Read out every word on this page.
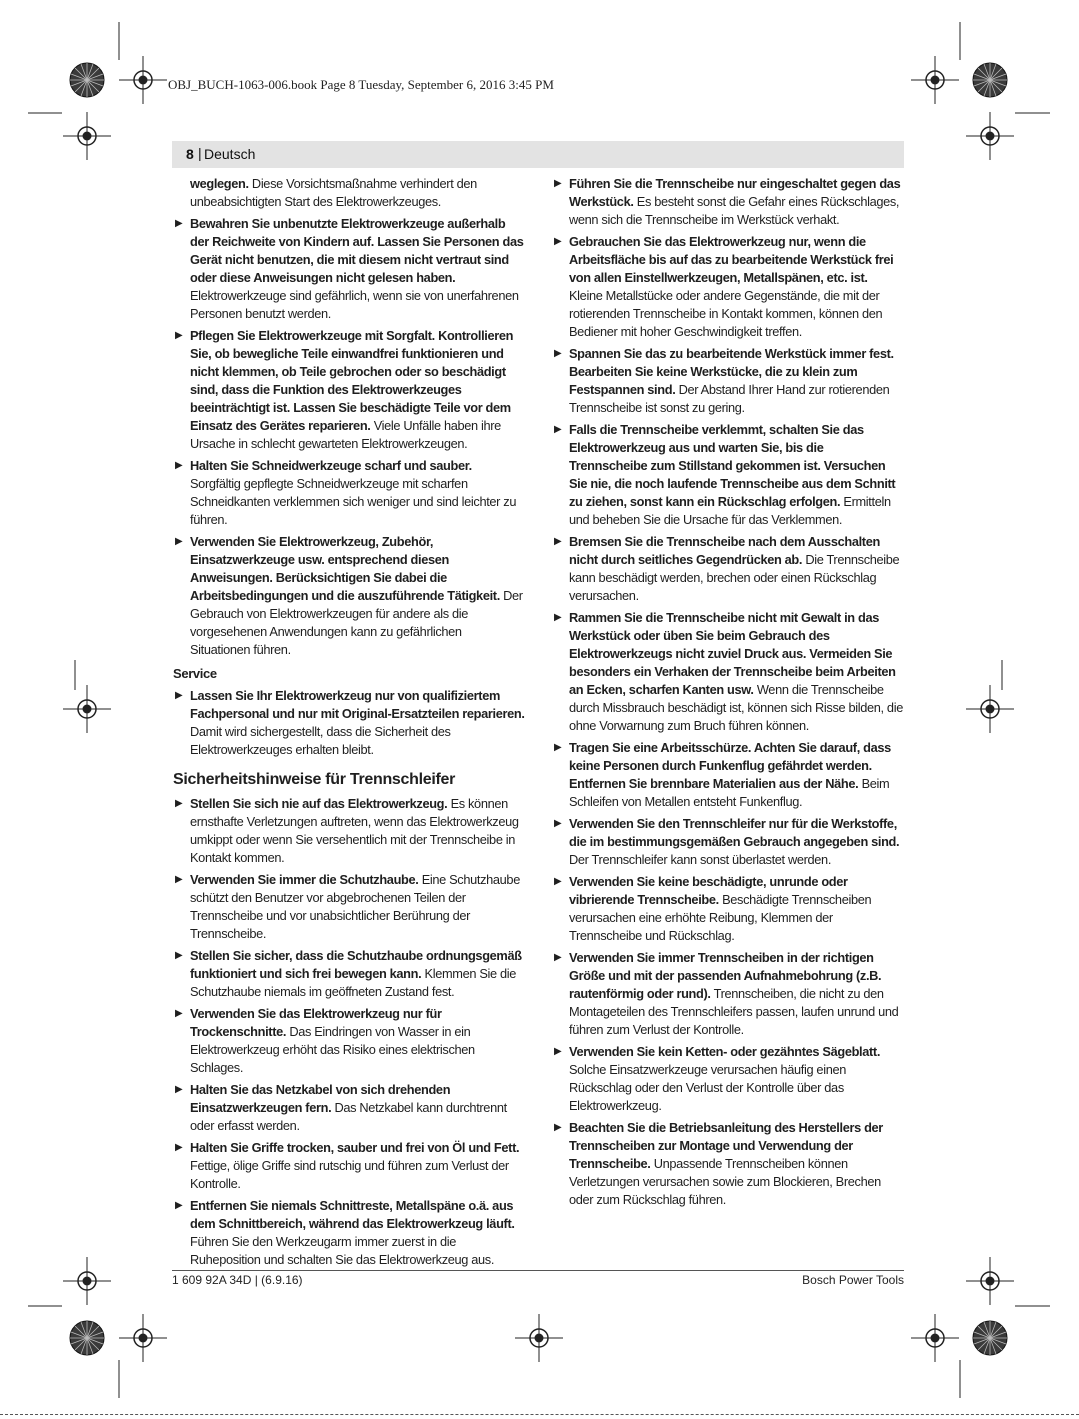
OBJ_BUCH-1063-006.book Page 8 Tuesday, September 6, 2016 3:45 PM
8 | Deutsch

weglegen. Diese Vorsichtsmaßnahme verhindert den unbeabsichtigten Start des Elektrowerkzeuges.

▶ Bewahren Sie unbenutzte Elektrowerkzeuge außerhalb der Reichweite von Kindern auf. Lassen Sie Personen das Gerät nicht benutzen, die mit diesem nicht vertraut sind oder diese Anweisungen nicht gelesen haben. Elektrowerkzeuge sind gefährlich, wenn sie von unerfahrenen Personen benutzt werden.

▶ Pflegen Sie Elektrowerkzeuge mit Sorgfalt. Kontrollieren Sie, ob bewegliche Teile einwandfrei funktionieren und nicht klemmen, ob Teile gebrochen oder so beschädigt sind, dass die Funktion des Elektrowerkzeuges beeinträchtigt ist. Lassen Sie beschädigte Teile vor dem Einsatz des Gerätes reparieren. Viele Unfälle haben ihre Ursache in schlecht gewarteten Elektrowerkzeugen.

▶ Halten Sie Schneidwerkzeuge scharf und sauber. Sorgfältig gepflegte Schneidwerkzeuge mit scharfen Schneidkanten verklemmen sich weniger und sind leichter zu führen.

▶ Verwenden Sie Elektrowerkzeug, Zubehör, Einsatzwerkzeuge usw. entsprechend diesen Anweisungen. Berücksichtigen Sie dabei die Arbeitsbedingungen und die auszuführende Tätigkeit. Der Gebrauch von Elektrowerkzeugen für andere als die vorgesehenen Anwendungen kann zu gefährlichen Situationen führen.

Service

▶ Lassen Sie Ihr Elektrowerkzeug nur von qualifiziertem Fachpersonal und nur mit Original-Ersatzteilen reparieren. Damit wird sichergestellt, dass die Sicherheit des Elektrowerkzeuges erhalten bleibt.

Sicherheitshinweise für Trennschleifer

▶ Stellen Sie sich nie auf das Elektrowerkzeug. Es können ernsthafte Verletzungen auftreten, wenn das Elektrowerkzeug umkippt oder wenn Sie versehentlich mit der Trennscheibe in Kontakt kommen.

▶ Verwenden Sie immer die Schutzhaube. Eine Schutzhaube schützt den Benutzer vor abgebrochenen Teilen der Trennscheibe und vor unabsichtlicher Berührung der Trennscheibe.

▶ Stellen Sie sicher, dass die Schutzhaube ordnungsgemäß funktioniert und sich frei bewegen kann. Klemmen Sie die Schutzhaube niemals im geöffneten Zustand fest.

▶ Verwenden Sie das Elektrowerkzeug nur für Trockenschnitte. Das Eindringen von Wasser in ein Elektrowerkzeug erhöht das Risiko eines elektrischen Schlages.

▶ Halten Sie das Netzkabel von sich drehenden Einsatzwerkzeugen fern. Das Netzkabel kann durchtrennt oder erfasst werden.

▶ Halten Sie Griffe trocken, sauber und frei von Öl und Fett. Fettige, ölige Griffe sind rutschig und führen zum Verlust der Kontrolle.

▶ Entfernen Sie niemals Schnittreste, Metallspäne o.ä. aus dem Schnittbereich, während das Elektrowerkzeug läuft. Führen Sie den Werkzeugarm immer zuerst in die Ruheposition und schalten Sie das Elektrowerkzeug aus.

▶ Führen Sie die Trennscheibe nur eingeschaltet gegen das Werkstück. Es besteht sonst die Gefahr eines Rückschlages, wenn sich die Trennscheibe im Werkstück verhakt.

▶ Gebrauchen Sie das Elektrowerkzeug nur, wenn die Arbeitsfläche bis auf das zu bearbeitende Werkstück frei von allen Einstellwerkzeugen, Metallspänen, etc. ist. Kleine Metallstücke oder andere Gegenstände, die mit der rotierenden Trennscheibe in Kontakt kommen, können den Bediener mit hoher Geschwindigkeit treffen.

▶ Spannen Sie das zu bearbeitende Werkstück immer fest. Bearbeiten Sie keine Werkstücke, die zu klein zum Festspannen sind. Der Abstand Ihrer Hand zur rotierenden Trennscheibe ist sonst zu gering.

▶ Falls die Trennscheibe verklemmt, schalten Sie das Elektrowerkzeug aus und warten Sie, bis die Trennscheibe zum Stillstand gekommen ist. Versuchen Sie nie, die noch laufende Trennscheibe aus dem Schnitt zu ziehen, sonst kann ein Rückschlag erfolgen. Ermitteln und beheben Sie die Ursache für das Verklemmen.

▶ Bremsen Sie die Trennscheibe nach dem Ausschalten nicht durch seitliches Gegendrücken ab. Die Trennscheibe kann beschädigt werden, brechen oder einen Rückschlag verursachen.

▶ Rammen Sie die Trennscheibe nicht mit Gewalt in das Werkstück oder üben Sie beim Gebrauch des Elektrowerkzeugs nicht zuviel Druck aus. Vermeiden Sie besonders ein Verhaken der Trennscheibe beim Arbeiten an Ecken, scharfen Kanten usw. Wenn die Trennscheibe durch Missbrauch beschädigt ist, können sich Risse bilden, die ohne Vorwarnung zum Bruch führen können.

▶ Tragen Sie eine Arbeitsschürze. Achten Sie darauf, dass keine Personen durch Funkenflug gefährdet werden. Entfernen Sie brennbare Materialien aus der Nähe. Beim Schleifen von Metallen entsteht Funkenflug.

▶ Verwenden Sie den Trennschleifer nur für die Werkstoffe, die im bestimmungsgemäßen Gebrauch angegeben sind. Der Trennschleifer kann sonst überlastet werden.

▶ Verwenden Sie keine beschädigte, unrunde oder vibrierende Trennscheibe. Beschädigte Trennscheiben verursachen eine erhöhte Reibung, Klemmen der Trennscheibe und Rückschlag.

▶ Verwenden Sie immer Trennscheiben in der richtigen Größe und mit der passenden Aufnahmebohrung (z.B. rautenförmig oder rund). Trennscheiben, die nicht zu den Montageteilen des Trennschleifers passen, laufen unrund und führen zum Verlust der Kontrolle.

▶ Verwenden Sie kein Ketten- oder gezähntes Sägeblatt. Solche Einsatzwerkzeuge verursachen häufig einen Rückschlag oder den Verlust der Kontrolle über das Elektrowerkzeug.

▶ Beachten Sie die Betriebsanleitung des Herstellers der Trennscheiben zur Montage und Verwendung der Trennscheibe. Unpassende Trennscheiben können Verletzungen verursachen sowie zum Blockieren, Brechen oder zum Rückschlag führen.

1 609 92A 34D | (6.9.16)	Bosch Power Tools
